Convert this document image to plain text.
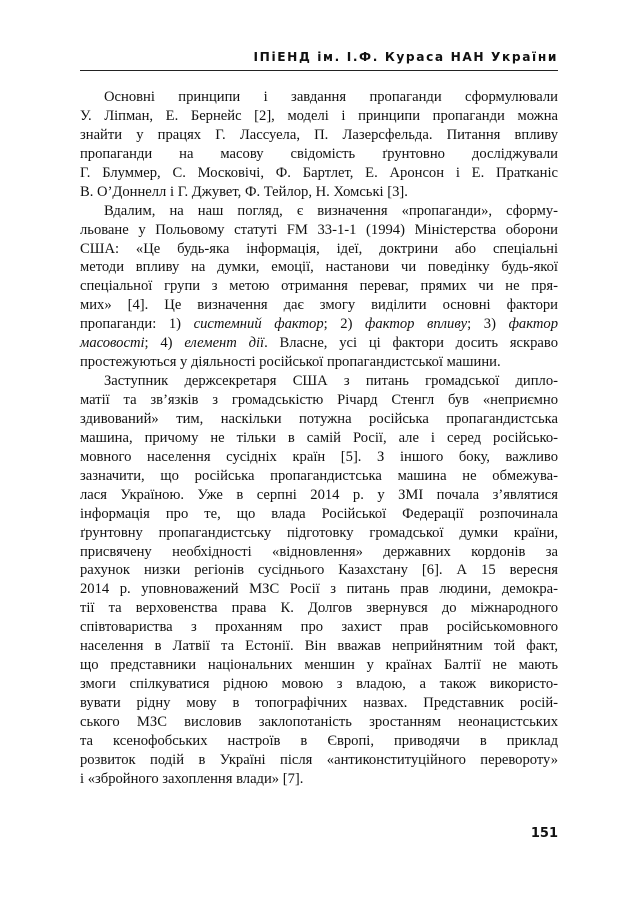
ІПіЕНД ім. І.Ф. Кураса НАН України
Основні принципи і завдання пропаганди сформулювали
У. Ліпман, Е. Бернейс [2], моделі і принципи пропаганди можна
знайти у працях Г. Лассуела, П. Лазерсфельда. Питання впливу
пропаганди на масову свідомість ґрунтовно досліджували
Г. Блуммер, С. Московічі, Ф. Бартлет, Е. Аронсон і Е. Пратканіс
В. О’Доннелл і Г. Джувет, Ф. Тейлор, Н. Хомські [3].
Вдалим, на наш погляд, є визначення «пропаганди», сформу-
льоване у Польовому статуті FM 33-1-1 (1994) Міністерства оборони
США: «Це будь-яка інформація, ідеї, доктрини або спеціальні
методи впливу на думки, емоції, настанови чи поведінку будь-якої
спеціальної групи з метою отримання переваг, прямих чи не пря-
мих» [4]. Це визначення дає змогу виділити основні фактори
пропаганди: 1) системний фактор; 2) фактор впливу; 3) фактор
масовості; 4) елемент дії. Власне, усі ці фактори досить яскраво
простежуються у діяльності російської пропагандистської машини.
Заступник держсекретаря США з питань громадської дипло-
матії та зв’язків з громадськістю Річард Стенгл був «неприємно
здивований» тим, наскільки потужна російська пропагандистська
машина, причому не тільки в самій Росії, але і серед російсько-
мовного населення сусідніх країн [5]. З іншого боку, важливо
зазначити, що російська пропагандистська машина не обмежува-
лася Україною. Уже в серпні 2014 р. у ЗМІ почала з’являтися
інформація про те, що влада Російської Федерації розпочинала
ґрунтовну пропагандистську підготовку громадської думки країни,
присвячену необхідності «відновлення» державних кордонів за
рахунок низки регіонів сусіднього Казахстану [6]. А 15 вересня
2014 р. уповноважений МЗС Росії з питань прав людини, демокра-
тії та верховенства права К. Долгов звернувся до міжнародного
співтовариства з проханням про захист прав російськомовного
населення в Латвії та Естонії. Він вважав неприйнятним той факт,
що представники національних меншин у країнах Балтії не мають
змоги спілкуватися рідною мовою з владою, а також використо-
вувати рідну мову в топографічних назвах. Представник росій-
ського МЗС висловив заклопотаність зростанням неонацистських
та ксенофобських настроїв в Європі, приводячи в приклад
розвиток подій в Україні після «антиконституційного перевороту»
і «збройного захоплення влади» [7].
151
